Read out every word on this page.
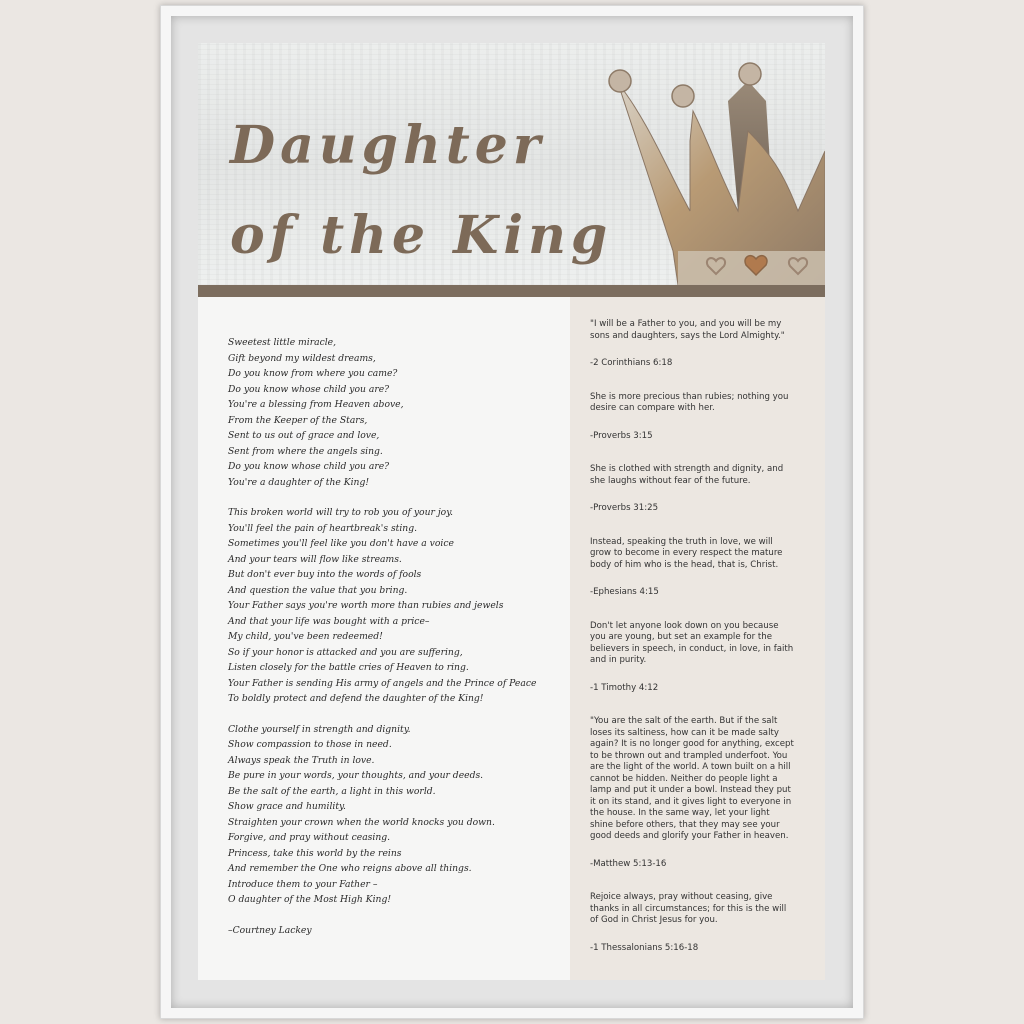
Daughter
of the King
Sweetest little miracle,
Gift beyond my wildest dreams,
Do you know from where you came?
Do you know whose child you are?
You're a blessing from Heaven above,
From the Keeper of the Stars,
Sent to us out of grace and love,
Sent from where the angels sing.
Do you know whose child you are?
You're a daughter of the King!
This broken world will try to rob you of your joy.
You'll feel the pain of heartbreak's sting.
Sometimes you'll feel like you don't have a voice
And your tears will flow like streams.
But don't ever buy into the words of fools
And question the value that you bring.
Your Father says you're worth more than rubies and jewels
And that your life was bought with a price–
My child, you've been redeemed!
So if your honor is attacked and you are suffering,
Listen closely for the battle cries of Heaven to ring.
Your Father is sending His army of angels and the Prince of Peace
To boldly protect and defend the daughter of the King!
Clothe yourself in strength and dignity.
Show compassion to those in need.
Always speak the Truth in love.
Be pure in your words, your thoughts, and your deeds.
Be the salt of the earth, a light in this world.
Show grace and humility.
Straighten your crown when the world knocks you down.
Forgive, and pray without ceasing.
Princess, take this world by the reins
And remember the One who reigns above all things.
Introduce them to your Father –
O daughter of the Most High King!
–Courtney Lackey

"I will be a Father to you, and you will be my sons and daughters, says the Lord Almighty."

-2 Corinthians 6:18

She is more precious than rubies; nothing you desire can compare with her.

-Proverbs 3:15

She is clothed with strength and dignity, and she laughs without fear of the future.

-Proverbs 31:25

Instead, speaking the truth in love, we will grow to become in every respect the mature body of him who is the head, that is, Christ.

-Ephesians 4:15

Don't let anyone look down on you because you are young, but set an example for the believers in speech, in conduct, in love, in faith and in purity.

-1 Timothy 4:12

"You are the salt of the earth. But if the salt loses its saltiness, how can it be made salty again? It is no longer good for anything, except to be thrown out and trampled underfoot. You are the light of the world. A town built on a hill cannot be hidden. Neither do people light a lamp and put it under a bowl. Instead they put it on its stand, and it gives light to everyone in the house. In the same way, let your light shine before others, that they may see your good deeds and glorify your Father in heaven.

-Matthew 5:13-16

Rejoice always, pray without ceasing, give thanks in all circumstances; for this is the will of God in Christ Jesus for you.

-1 Thessalonians 5:16-18
